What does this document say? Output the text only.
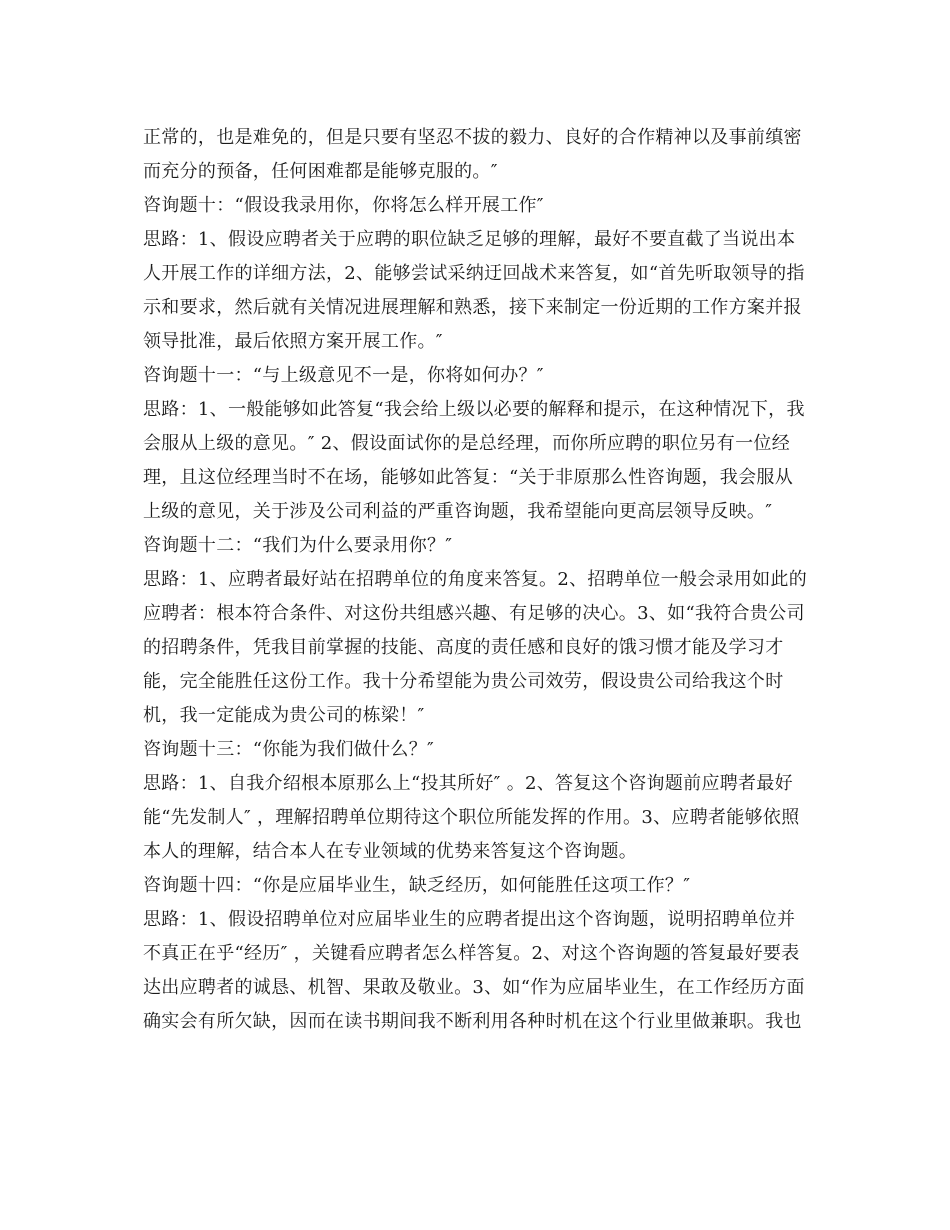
正常的，也是难免的，但是只要有坚忍不拔的毅力、良好的合作精神以及事前缜密
而充分的预备，任何困难都是能够克服的。″
咨询题十：“假设我录用你，你将怎么样开展工作″
思路：1、假设应聘者关于应聘的职位缺乏足够的理解，最好不要直截了当说出本
人开展工作的详细方法，2、能够尝试采纳迂回战术来答复，如“首先听取领导的指
示和要求，然后就有关情况进展理解和熟悉，接下来制定一份近期的工作方案并报
领导批准，最后依照方案开展工作。″
咨询题十一：“与上级意见不一是，你将如何办？″
思路：1、一般能够如此答复“我会给上级以必要的解释和提示，在这种情况下，我
会服从上级的意见。″ 2、假设面试你的是总经理，而你所应聘的职位另有一位经
理，且这位经理当时不在场，能够如此答复：“关于非原那么性咨询题，我会服从
上级的意见，关于涉及公司利益的严重咨询题，我希望能向更高层领导反映。″
咨询题十二：“我们为什么要录用你？″
思路：1、应聘者最好站在招聘单位的角度来答复。2、招聘单位一般会录用如此的
应聘者：根本符合条件、对这份共组感兴趣、有足够的决心。3、如“我符合贵公司
的招聘条件，凭我目前掌握的技能、高度的责任感和良好的饿习惯才能及学习才
能，完全能胜任这份工作。我十分希望能为贵公司效劳，假设贵公司给我这个时
机，我一定能成为贵公司的栋梁！″
咨询题十三：“你能为我们做什么？″
思路：1、自我介绍根本原那么上“投其所好″ 。2、答复这个咨询题前应聘者最好
能“先发制人″ ，理解招聘单位期待这个职位所能发挥的作用。3、应聘者能够依照
本人的理解，结合本人在专业领域的优势来答复这个咨询题。
咨询题十四：“你是应届毕业生，缺乏经历，如何能胜任这项工作？″
思路：1、假设招聘单位对应届毕业生的应聘者提出这个咨询题，说明招聘单位并
不真正在乎“经历″ ，关键看应聘者怎么样答复。2、对这个咨询题的答复最好要表
达出应聘者的诚恳、机智、果敢及敬业。3、如“作为应届毕业生，在工作经历方面
确实会有所欠缺，因而在读书期间我不断利用各种时机在这个行业里做兼职。我也
